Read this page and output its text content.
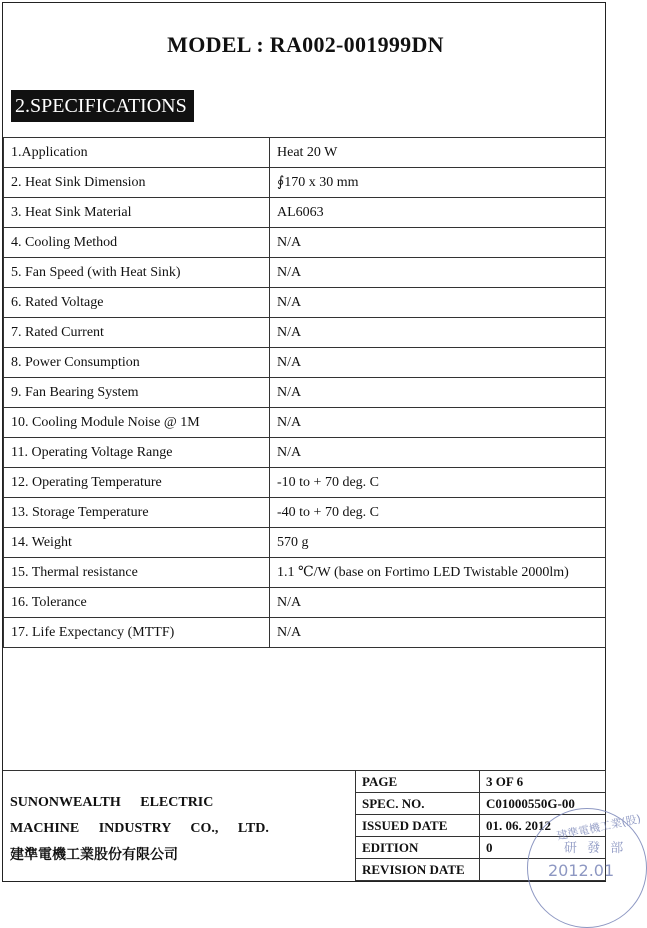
MODEL : RA002-001999DN
2.SPECIFICATIONS
1.Application	Heat 20 W
2. Heat Sink Dimension	∮170 x 30 mm
3. Heat Sink Material	AL6063
4. Cooling Method	N/A
5. Fan Speed (with Heat Sink)	N/A
6. Rated Voltage	N/A
7. Rated Current	N/A
8. Power Consumption	N/A
9. Fan Bearing System	N/A
10. Cooling Module Noise @ 1M	N/A
11. Operating Voltage Range	N/A
12. Operating Temperature	-10 to + 70 deg. C
13. Storage Temperature	-40 to + 70 deg. C
14. Weight	570 g
15. Thermal resistance	1.1 ℃/W (base on Fortimo LED Twistable 2000lm)
16. Tolerance	N/A
17. Life Expectancy (MTTF)	N/A
SUNONWEALTH ELECTRIC
MACHINE INDUSTRY CO., LTD.
建準電機工業股份有限公司
PAGE	3 OF 6
SPEC. NO.	C01000550G-00
ISSUED DATE	01. 06. 2012
EDITION	0
REVISION DATE	
建準電機工業(股)
研 發 部
2012.01
